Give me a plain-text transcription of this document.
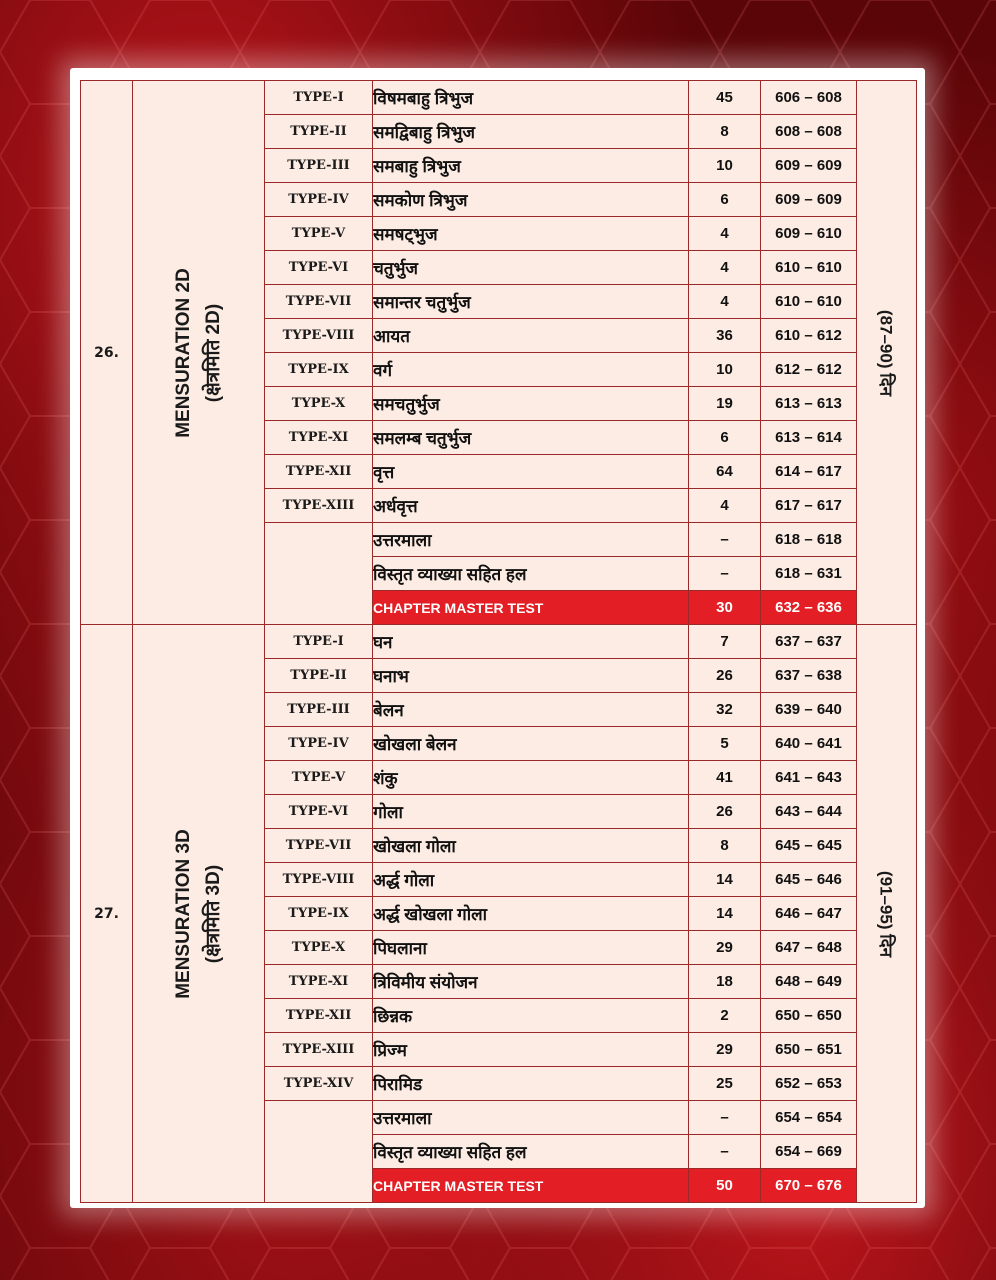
26.	MENSURATION 2D (क्षेत्रमिति 2D)	TYPE-I	विषमबाहु त्रिभुज	45	606 – 608	(87–90) दिन

		TYPE-II	समद्विबाहु त्रिभुज	8	608 – 608	
		TYPE-III	समबाहु त्रिभुज	10	609 – 609	
		TYPE-IV	समकोण त्रिभुज	6	609 – 609	
		TYPE-V	समषट्भुज	4	609 – 610	
		TYPE-VI	चतुर्भुज	4	610 – 610	
		TYPE-VII	समान्तर चतुर्भुज	4	610 – 610	
		TYPE-VIII	आयत	36	610 – 612	
		TYPE-IX	वर्ग	10	612 – 612	
		TYPE-X	समचतुर्भुज	19	613 – 613	
		TYPE-XI	समलम्ब चतुर्भुज	6	613 – 614	
		TYPE-XII	वृत्त	64	614 – 617	
		TYPE-XIII	अर्धवृत्त	4	617 – 617	
			उत्तरमाला	–	618 – 618	
			विस्तृत व्याख्या सहित हल	–	618 – 631	
			CHAPTER MASTER TEST	30	632 – 636	
27.	MENSURATION 3D (क्षेत्रमिति 3D)	TYPE-I	घन	7	637 – 637	(91–95) दिन

		TYPE-II	घनाभ	26	637 – 638	
		TYPE-III	बेलन	32	639 – 640	
		TYPE-IV	खोखला बेलन	5	640 – 641	
		TYPE-V	शंकु	41	641 – 643	
		TYPE-VI	गोला	26	643 – 644	
		TYPE-VII	खोखला गोला	8	645 – 645	
		TYPE-VIII	अर्द्ध गोला	14	645 – 646	
		TYPE-IX	अर्द्ध खोखला गोला	14	646 – 647	
		TYPE-X	पिघलाना	29	647 – 648	
		TYPE-XI	त्रिविमीय संयोजन	18	648 – 649	
		TYPE-XII	छिन्नक	2	650 – 650	
		TYPE-XIII	प्रिज्म	29	650 – 651	
		TYPE-XIV	पिरामिड	25	652 – 653	
			उत्तरमाला	–	654 – 654	
			विस्तृत व्याख्या सहित हल	–	654 – 669	
			CHAPTER MASTER TEST	50	670 – 676	
